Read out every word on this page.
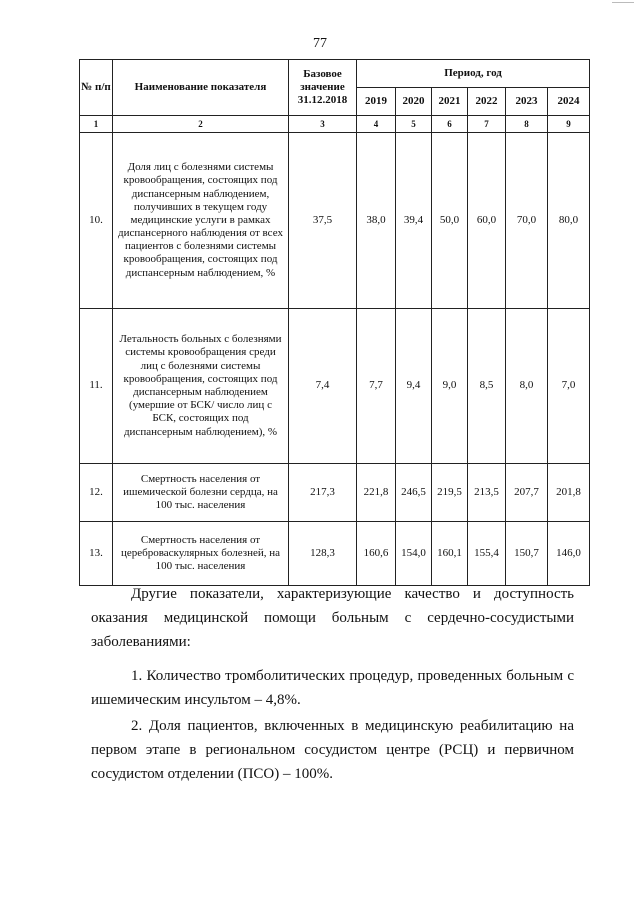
77
№ п/п	Наименование показателя	Базовое значение 31.12.2018	Период, год					
			2019	2020	2021	2022	2023	2024
1	2	3	4	5	6	7	8	9
10.	Доля лиц с болезнями системы кровообращения, состоящих под диспансерным наблюдением, получивших в текущем году медицинские услуги в рамках диспансерного наблюдения от всех пациентов с болезнями системы кровообращения, состоящих под диспансерным наблюдением, %	37,5	38,0	39,4	50,0	60,0	70,0	80,0
11.	Летальность больных с болезнями системы кровообращения среди лиц с болезнями системы кровообращения, состоящих под диспансерным наблюдением (умершие от БСК/ число лиц с БСК, состоящих под диспансерным наблюдением), %	7,4	7,7	9,4	9,0	8,5	8,0	7,0
12.	Смертность населения от ишемической болезни сердца, на 100 тыс. населения	217,3	221,8	246,5	219,5	213,5	207,7	201,8
13.	Смертность населения от цереброваскулярных болезней, на 100 тыс. населения	128,3	160,6	154,0	160,1	155,4	150,7	146,0

Другие показатели, характеризующие качество и доступность оказания медицинской помощи больным с сердечно-сосудистыми заболеваниями:

1. Количество тромболитических процедур, проведенных больным с ишемическим инсультом – 4,8%.

2. Доля пациентов, включенных в медицинскую реабилитацию на первом этапе в региональном сосудистом центре (РСЦ) и первичном сосудистом отделении (ПСО) – 100%.
